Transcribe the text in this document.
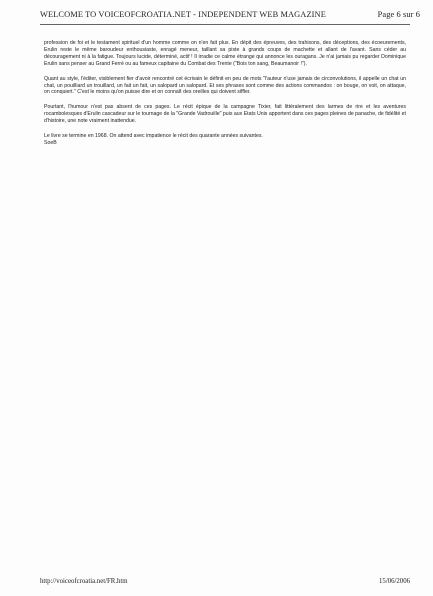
WELCOME TO VOICEOFCROATIA.NET - INDEPENDENT WEB MAGAZINE	Page 6 sur 6

profession de foi et le testament spirituel d'un homme comme on n'en fait plus. En dépit des épreuves, des trahisons, des déceptions, des écoeurements, Erulin reste le même baroudeur enthousiaste, enragé meneur, taillant sa piste à grands coups de machette et allant de l'avant. Sans céder au découragement ni à la fatigue. Toujours lucide, déterminé, actif ! Il irradie ce calme étrange qui annonce les ouragans. Je n'ai jamais pu regarder Dominique Erulin sans penser au Grand Ferré ou au fameux capitaine du Combat des Trente ("Bois ton sang, Beaumanoir !").

Quant au style, l'éditer, visiblement fier d'avoir rencontré cet écrivain le définit en peu de mots "l'auteur n'use jamais de circonvolutions, il appelle un chat un chat, un pouilliard un trouillard, un fait un fait, un salopard un salopard. Et ses phrases sont comme des actions commandos : on bouge, on voit, on attaque, on conquiert." C'est le moins qu'on puisse dire et on connaît des oreilles qui doivent siffler.

Pourtant, l'humour n'est pas absent de ces pages. Le récit épique de la campagne Tixier, fait littéralement des larmes de rire et les aventures rocambolesques d'Erulin cascadeur sur le tournage de la "Grande Vadrouille" puis aux Etats Unis apportent dans ces pages pleines de panache, de fidélité et d'histoire, une note vraiment inattendue.

Le livre se termine en 1968. On attend avec impatience le récit des quarante années suivantes.

SoeB
http://voiceofcroatia.net/FR.htm	15/06/2006
